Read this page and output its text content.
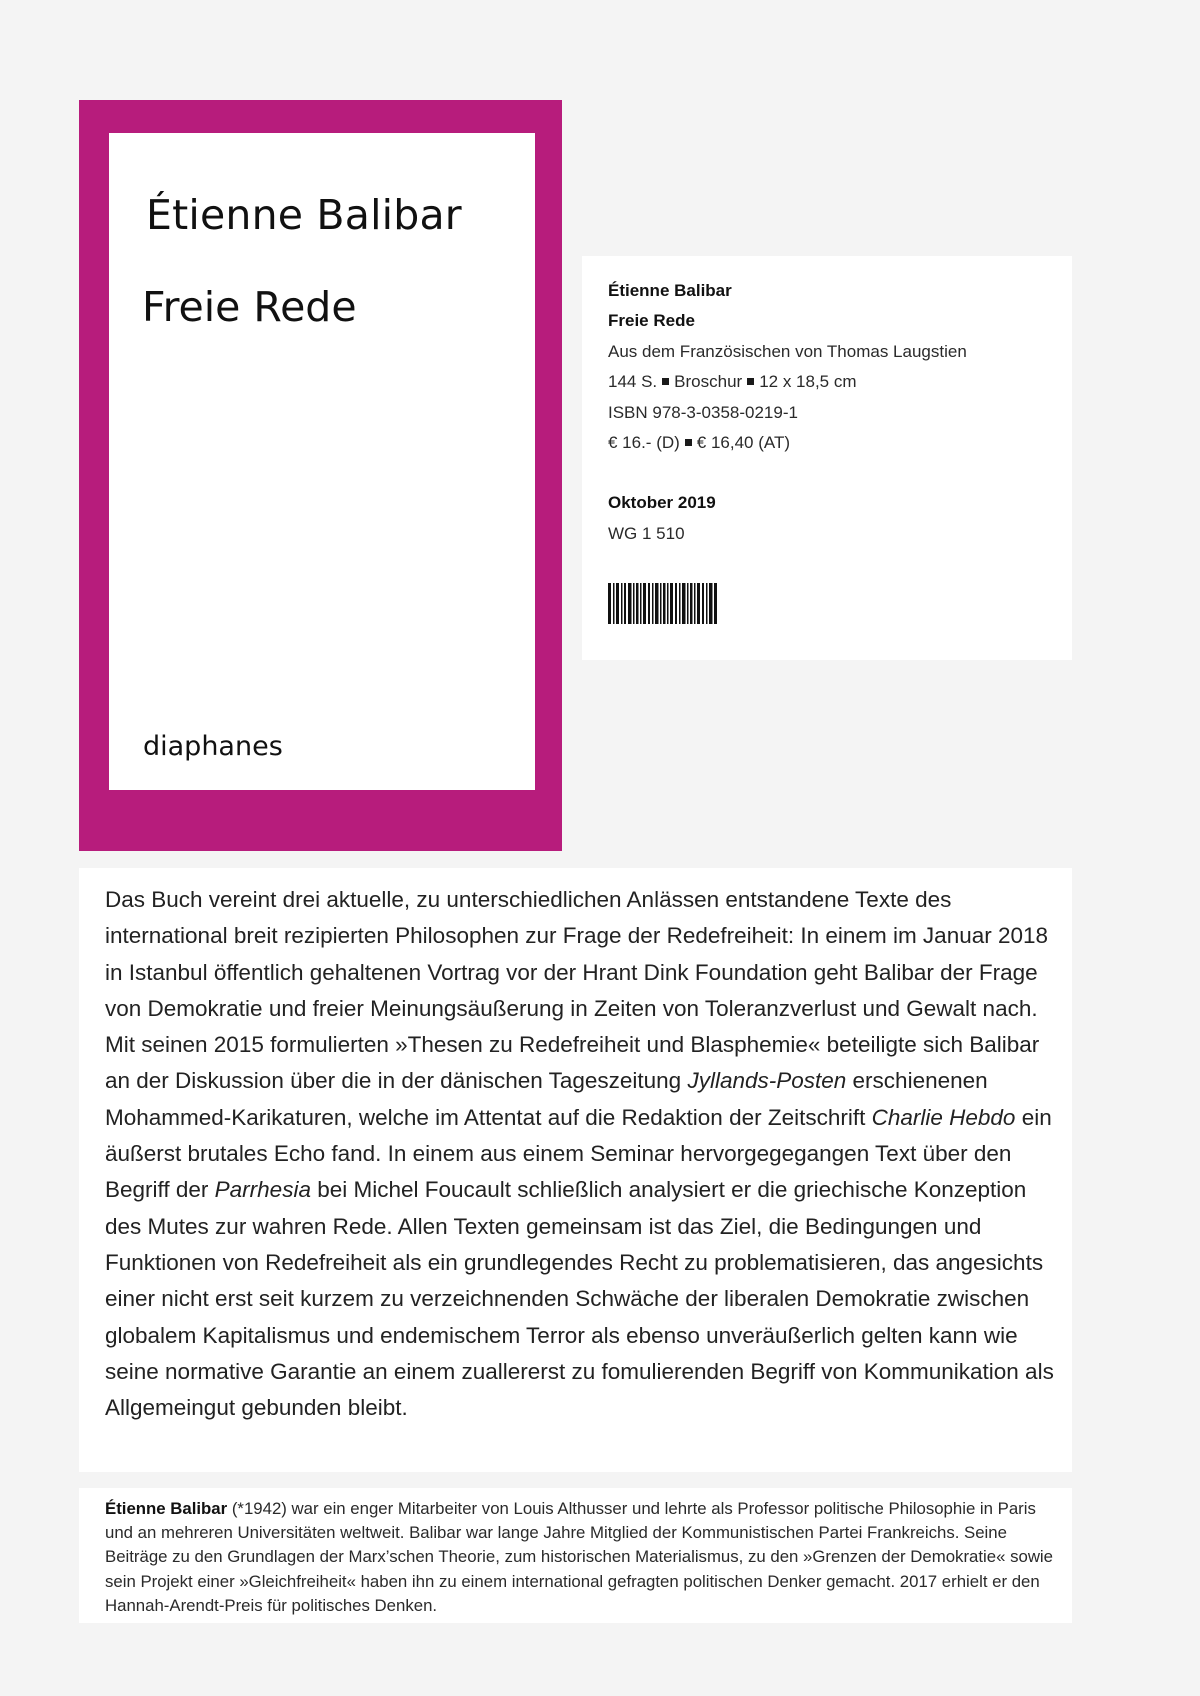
Étienne Balibar
Freie Rede
diaphanes
Étienne Balibar
Freie Rede
Aus dem Französischen von Thomas Laugstien
144 S. Broschur 12 x 18,5 cm
ISBN 978-3-0358-0219-1
€ 16.- (D) € 16,40 (AT)
Oktober 2019
WG 1 510

Das Buch vereint drei aktuelle, zu unterschiedlichen Anlässen entstandene Texte des international breit rezipierten Philosophen zur Frage der Redefreiheit: In einem im Januar 2018 in Istanbul öffentlich gehaltenen Vortrag vor der Hrant Dink Foundation geht Balibar der Frage von Demokratie und freier Meinungsäußerung in Zeiten von Toleranzverlust und Gewalt nach. Mit seinen 2015 formulierten »Thesen zu Redefreiheit und Blasphemie« beteiligte sich Balibar an der Diskussion über die in der dänischen Tageszeitung Jyllands-Posten erschienenen Mohammed-Karikaturen, welche im Attentat auf die Redaktion der Zeitschrift Charlie Hebdo ein äußerst brutales Echo fand. In einem aus einem Seminar hervorgegegangen Text über den Begriff der Parrhesia bei Michel Foucault schließlich analysiert er die griechische Konzeption des Mutes zur wahren Rede. Allen Texten gemeinsam ist das Ziel, die Bedingungen und Funktionen von Redefreiheit als ein grundlegendes Recht zu problematisieren, das angesichts einer nicht erst seit kurzem zu verzeichnenden Schwäche der liberalen Demokratie zwischen globalem Kapitalismus und endemischem Terror als ebenso unveräußerlich gelten kann wie seine normative Garantie an einem zuallererst zu fomulierenden Begriff von Kommunikation als Allgemeingut gebunden bleibt.

Étienne Balibar (*1942) war ein enger Mitarbeiter von Louis Althusser und lehrte als Professor politische Philosophie in Paris und an mehreren Universitäten weltweit. Balibar war lange Jahre Mitglied der Kommunistischen Partei Frankreichs. Seine Beiträge zu den Grundlagen der Marx’schen Theorie, zum historischen Materialismus, zu den »Grenzen der Demokratie« sowie sein Projekt einer »Gleichfreiheit« haben ihn zu einem international gefragten politischen Denker gemacht. 2017 erhielt er den Hannah-Arendt-Preis für politisches Denken.
